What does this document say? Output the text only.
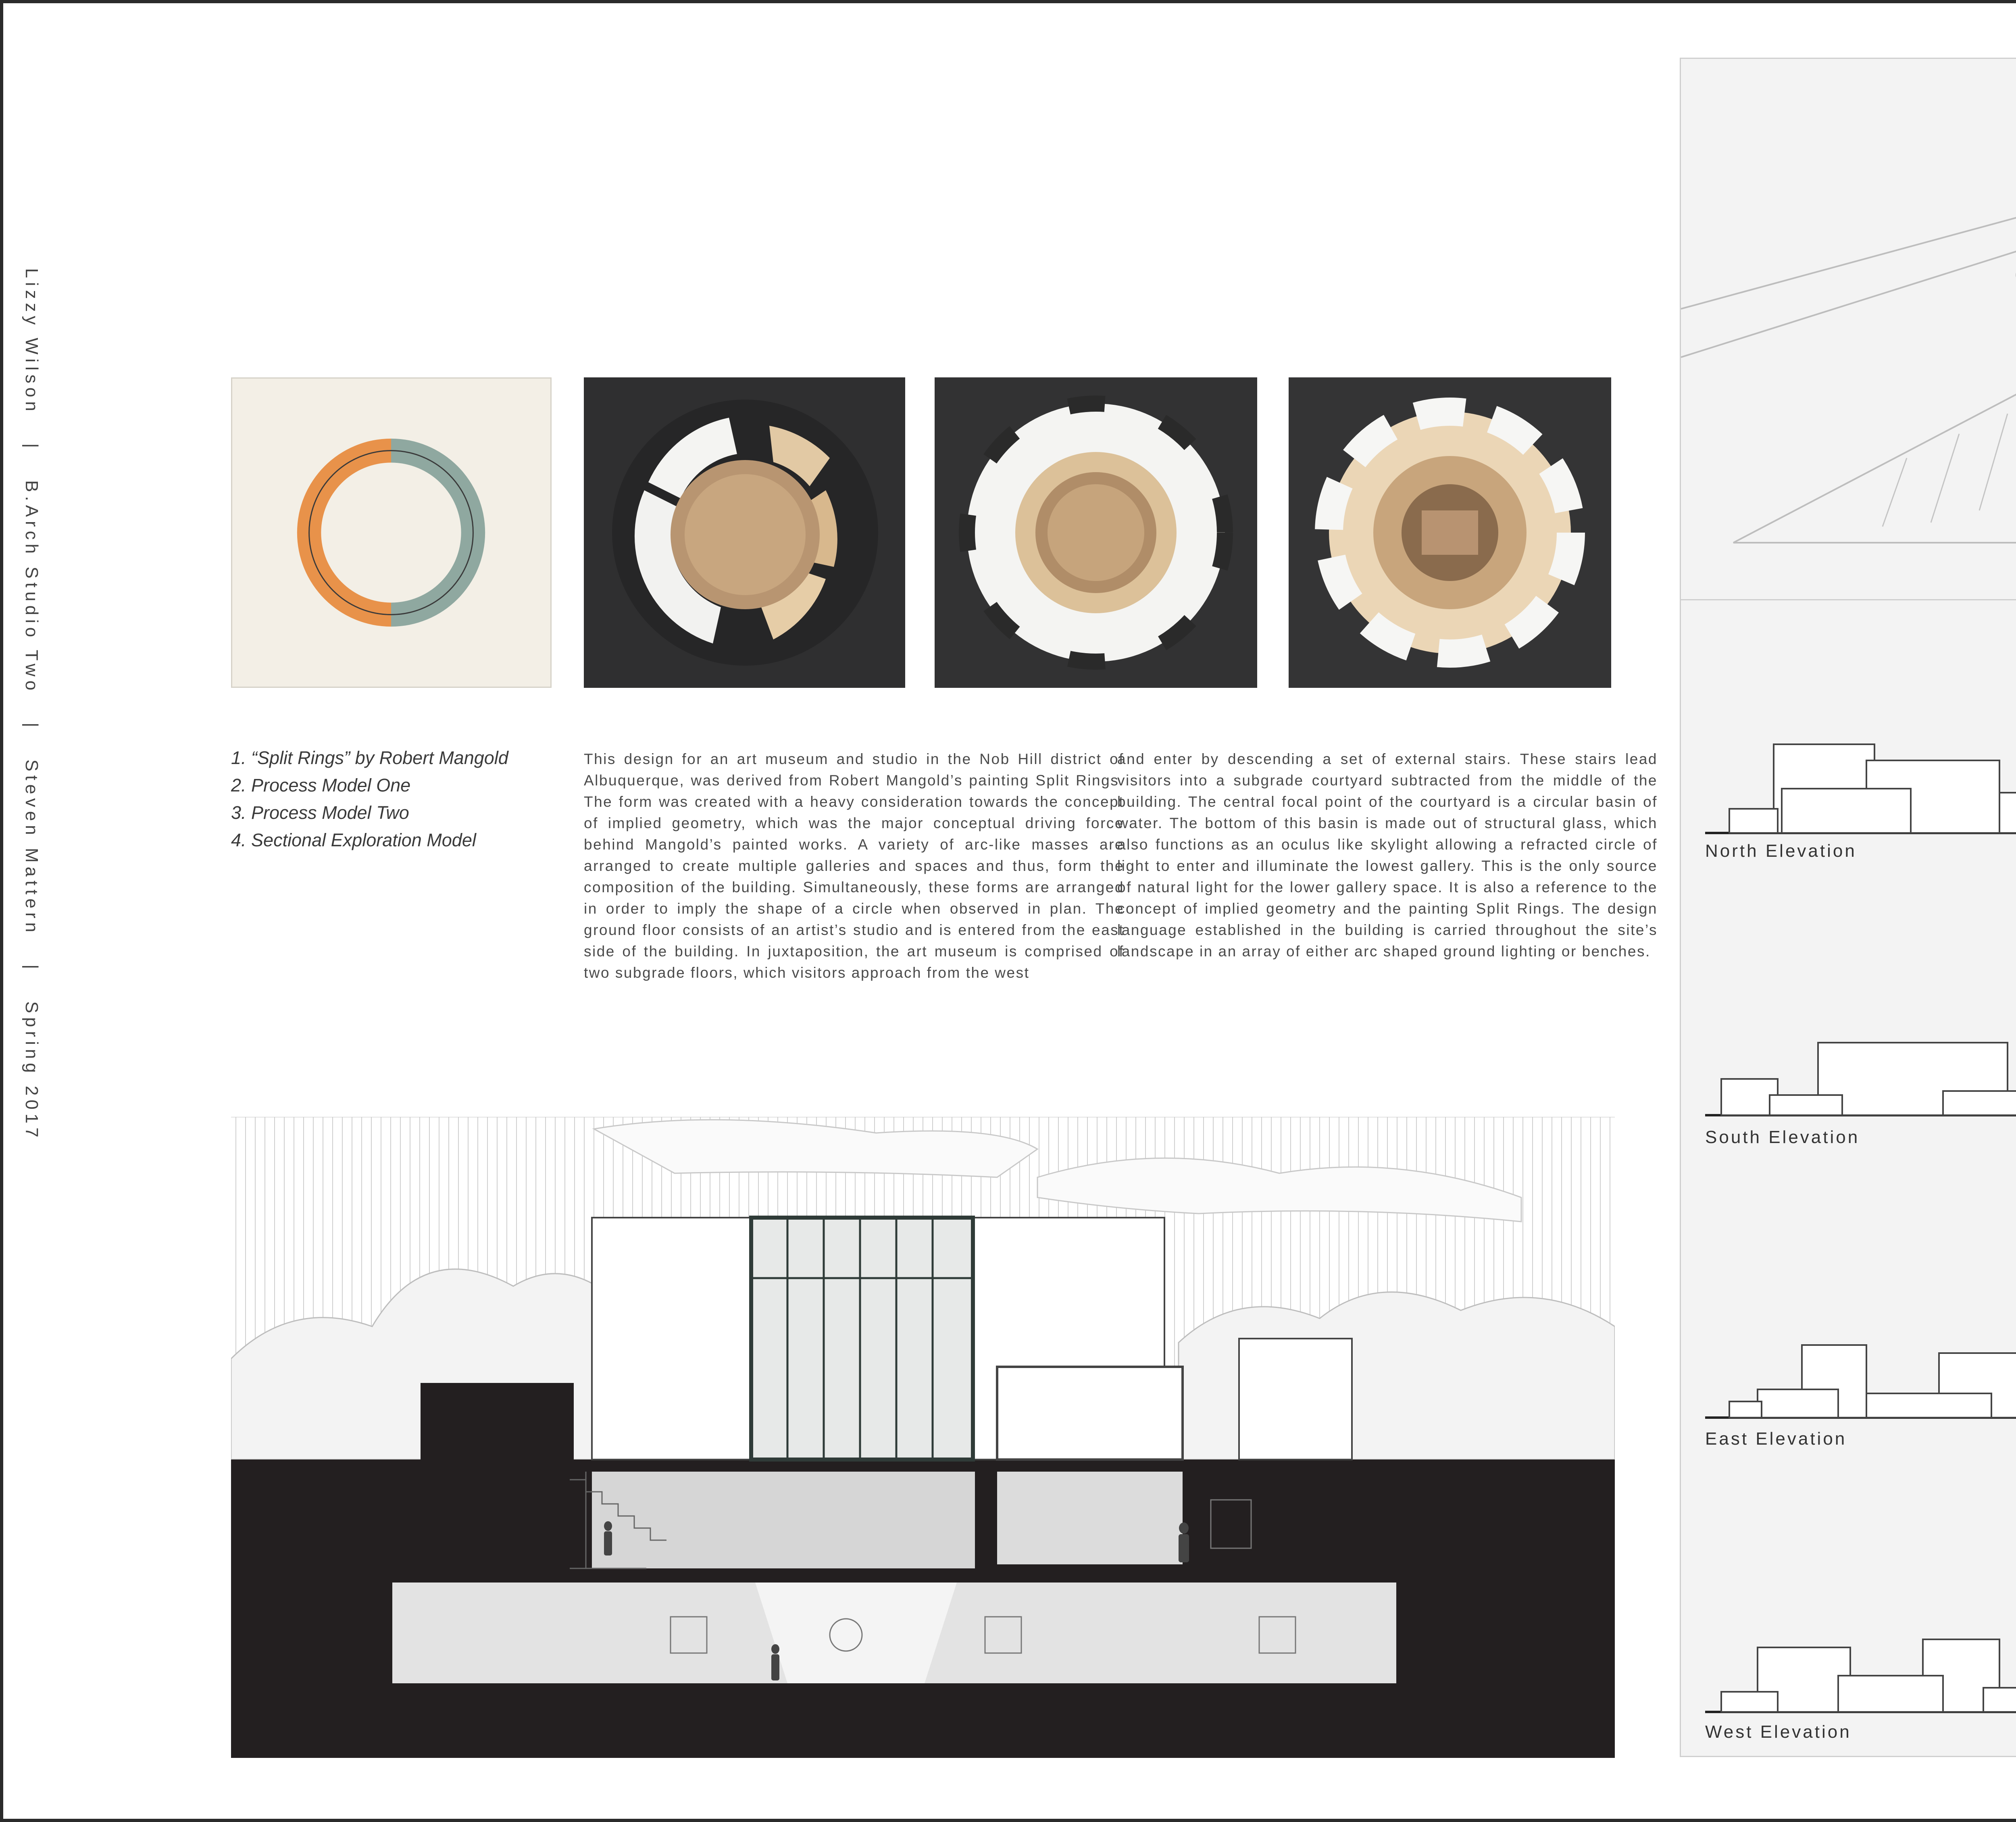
Lizzy Wilson
|
B.Arch Studio Two
|
Steven Mattern
|
Spring 2017
1. “Split Rings” by Robert Mangold
2. Process Model One
3. Process Model Two
4. Sectional Exploration Model
This design for an art museum and studio in the Nob Hill district of Albuquerque, was derived from Robert Mangold’s painting Split Rings. The form was created with a heavy consideration towards the concept of implied geometry, which was the major conceptual driving force behind Mangold’s painted works. A variety of arc-like masses are arranged to create multiple galleries and spaces and thus, form the composition of the building. Simultaneously, these forms are arranged in order to imply the shape of a circle when observed in plan. The ground floor consists of an artist’s studio and is entered from the east side of the building. In juxtaposition, the art museum is comprised of two subgrade floors, which visitors approach from the west
and enter by descending a set of external stairs. These stairs lead visitors into a subgrade courtyard subtracted from the middle of the building. The central focal point of the courtyard is a circular basin of water. The bottom of this basin is made out of structural glass, which also functions as an oculus like skylight allowing a refracted circle of light to enter and illuminate the lowest gallery. This is the only source of natural light for the lower gallery space. It is also a reference to the concept of implied geometry and the painting Split Rings. The design language established in the building is carried throughout the site’s landscape in an array of either arc shaped ground lighting or benches.
North Elevation
South Elevation
East Elevation
West Elevation
